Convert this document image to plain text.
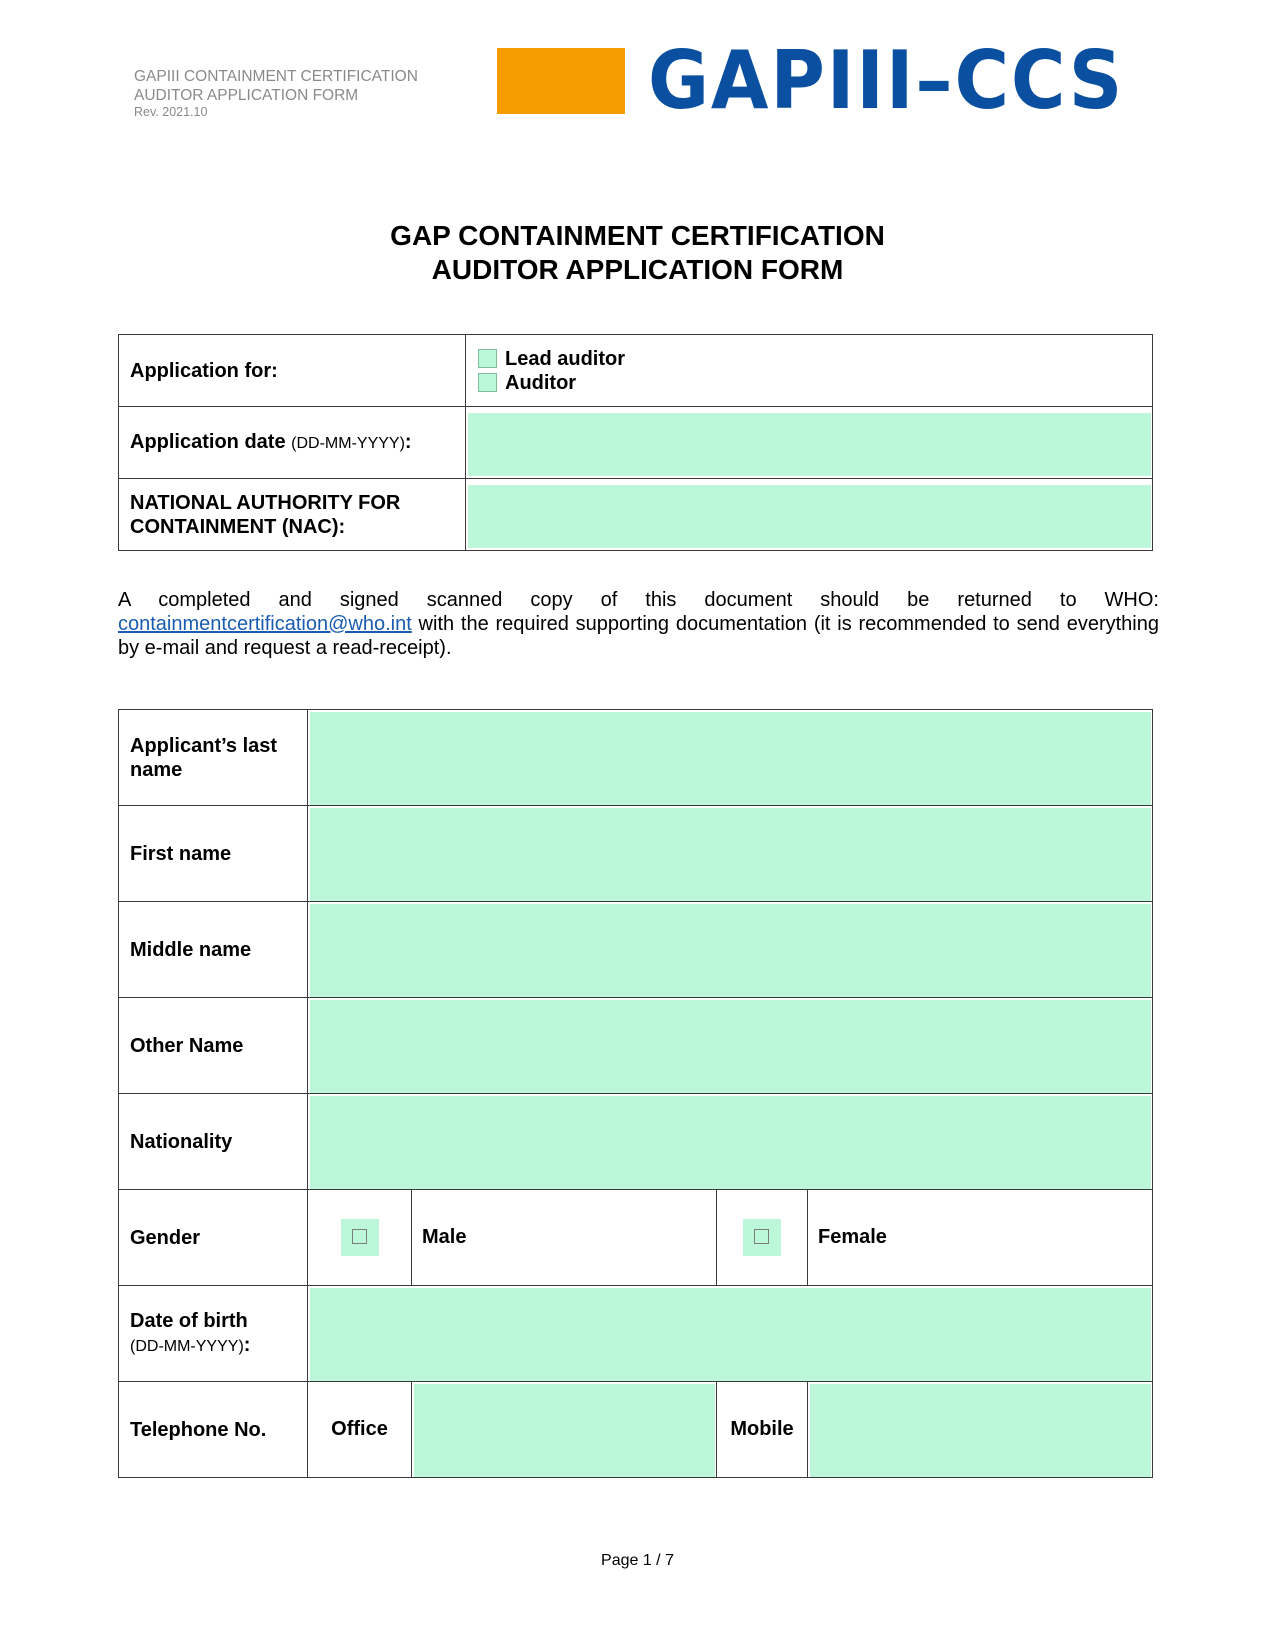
GAPIII CONTAINMENT CERTIFICATION
AUDITOR APPLICATION FORM
Rev. 2021.10	GAPIII–CCS
GAP CONTAINMENT CERTIFICATION
AUDITOR APPLICATION FORM
Application for:	Lead auditor
Auditor

Application date (DD-MM-YYYY):	

NATIONAL AUTHORITY FOR
CONTAINMENT (NAC):	

A completed and signed scanned copy of this document should be returned to WHO: containmentcertification@who.int with the required supporting documentation (it is recommended to send everything by e-mail and request a read-receipt).
Applicant’s last
name				

First name				
Middle name				
Other Name				
Nationality				
Gender		Male		Female

Date of birth
(DD-MM-YYYY):				

Telephone No.	Office		Mobile	
Page 1 / 7
